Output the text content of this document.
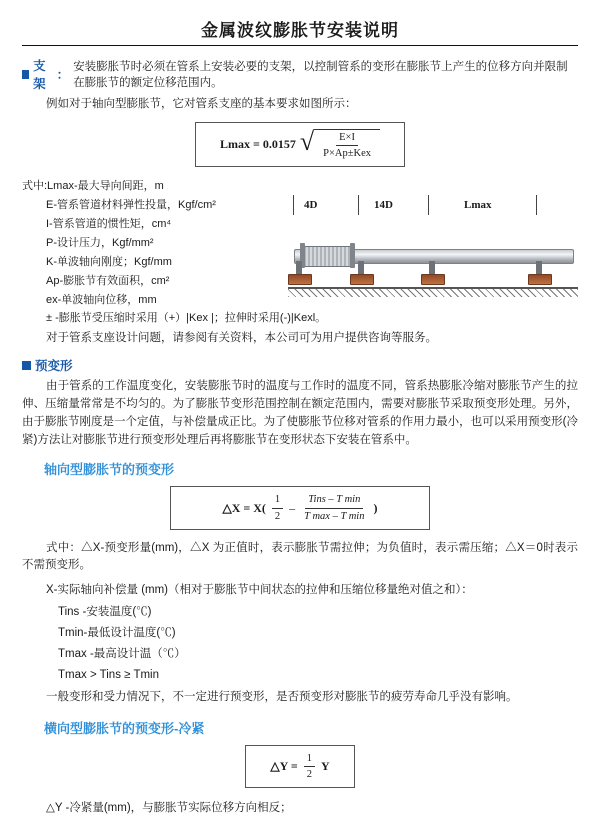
金属波纹膨胀节安装说明
支架
：
安装膨胀节时必须在管系上安装必要的支架，以控制管系的变形在膨胀节上产生的位移方向并限制在膨胀节的额定位移范围内。

例如对于轴向型膨胀节，它对管系支座的基本要求如图所示：

Lmax = 0.0157 √ $\frac{E\times I}{\text{P×Ap±Kex}}$
式中:Lmax-最大导向间距，m
E-管系管道材料弹性投量，Kgf/cm²
I-管系管道的惯性矩，cm⁴
P-设计压力，Kgf/mm²
K-单波轴向刚度；Kgf/mm
Ap-膨胀节有效面积，cm²
ex-单波轴向位移，mm
± -膨胀节受压缩时采用（+）|Kex |；拉伸时采用(-)|Kexl。
4D	14D	Lmax

对于管系支座设计问题，请参阅有关资料，本公司可为用户提供咨询等服务。

预变形

由于管系的工作温度变化，安装膨胀节时的温度与工作时的温度不同，管系热膨胀冷缩对膨胀节产生的拉伸、压缩量常常是不均匀的。为了膨胀节变形范围控制在额定范围内，需要对膨胀节采取预变形处理。另外，由于膨胀节刚度是一个定值，与补偿量成正比。为了使膨胀节位移对管系的作用力最小，也可以采用预变形(冷紧)方法让对膨胀节进行预变形处理后再将膨胀节在变形状态下安装在管系中。

轴向型膨胀节的预变形
△X = $X( \frac{1}{2} - \frac{\text{Tins – T min}}{\text{T max – T min}}$ )

式中：△X-预变形量(mm)，△X 为正值时，表示膨胀节需拉伸；为负值时，表示需压缩；△X＝0时表示不需预变形。

X-实际轴向补偿量 (mm)（相对于膨胀节中间状态的拉伸和压缩位移量绝对值之和）：
Tins -安装温度(℃)
Tmin-最低设计温度(℃)
Tmax -最高设计温（℃）
Tmax > Tins ≥ Tmin
一般变形和受力情况下，不一定进行预变形，是否预变形对膨胀节的疲劳寿命几乎没有影响。
横向型膨胀节的预变形-冷紧
△Y = $\frac{1}{2}$ Y
△Y -冷紧量(mm)，与膨胀节实际位移方向相反；
